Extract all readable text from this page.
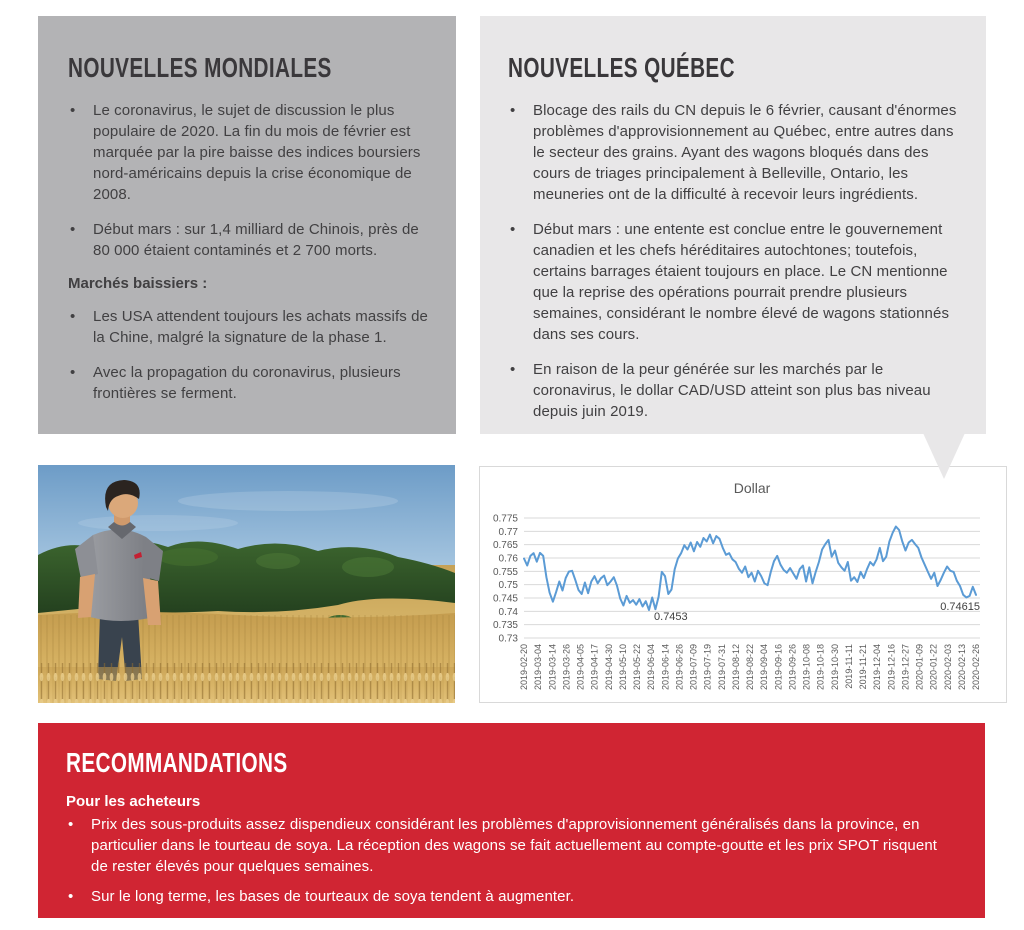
NOUVELLES MONDIALES
• Le coronavirus, le sujet de discussion le plus populaire de 2020. La fin du mois de février est marquée par la pire baisse des indices boursiers nord-américains depuis la crise économique de 2008.
• Début mars : sur 1,4 milliard de Chinois, près de 80 000 étaient contaminés et 2 700 morts.

Marchés baissiers :

• Les USA attendent toujours les achats massifs de la Chine, malgré la signature de la phase 1.
• Avec la propagation du coronavirus, plusieurs frontières se ferment.
NOUVELLES QUÉBEC
• Blocage des rails du CN depuis le 6 février, causant d'énormes problèmes d'approvisionnement au Québec, entre autres dans le secteur des grains. Ayant des wagons bloqués dans des cours de triages principalement à Belleville, Ontario, les meuneries ont de la difficulté à recevoir leurs ingrédients.
• Début mars : une entente est conclue entre le gouvernement canadien et les chefs héréditaires autochtones; toutefois, certains barrages étaient toujours en place. Le CN mentionne que la reprise des opérations pourrait prendre plusieurs semaines, considérant le nombre élevé de wagons stationnés dans ses cours.
• En raison de la peur générée sur les marchés par le coronavirus, le dollar CAD/USD atteint son plus bas niveau depuis juin 2019.
Dollar
0.775
0.77
0.765
0.76
0.755
0.75
0.745
0.74
0.735
0.73
2019-02-20 2019-03-04 2019-03-14 2019-03-26 2019-04-05 2019-04-17 2019-04-30 2019-05-10 2019-05-22 2019-06-04 2019-06-14 2019-06-26 2019-07-09 2019-07-19 2019-07-31 2019-08-12 2019-08-22 2019-09-04 2019-09-16 2019-09-26 2019-10-08 2019-10-18 2019-10-30 2019-11-11 2019-11-21 2019-12-04 2019-12-16 2019-12-27 2020-01-09 2020-01-22 2020-02-03 2020-02-13 2020-02-26
0.7453
0.74615
RECOMMANDATIONS

Pour les acheteurs

• Prix des sous-produits assez dispendieux considérant les problèmes d'approvisionnement généralisés dans la province, en particulier dans le tourteau de soya. La réception des wagons se fait actuellement au compte-goutte et les prix SPOT risquent de rester élevés pour quelques semaines.
• Sur le long terme, les bases de tourteaux de soya tendent à augmenter.
